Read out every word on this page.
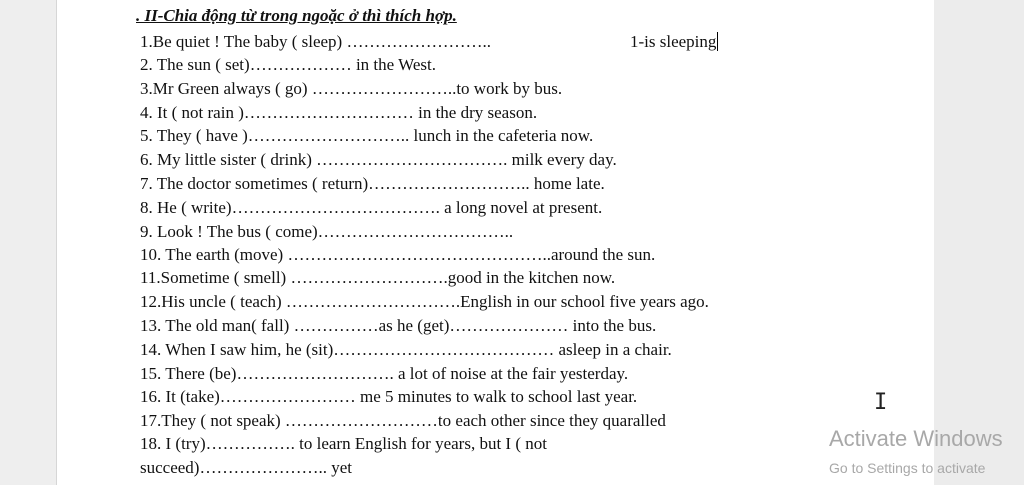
. II-Chia động từ trong ngoặc ở thì thích hợp.
1.Be quiet ! The baby ( sleep) ……………………..	1-is sleeping
2. The sun ( set)……………… in the West.
3.Mr Green always ( go) ……………………..to work by bus.
4. It ( not rain )………………………… in the dry season.
5. They ( have )……………………….. lunch in the cafeteria now.
6. My little sister ( drink) ……………………………. milk every day.
7. The doctor sometimes ( return)……………………….. home late.
8. He ( write)………………………………. a long novel at present.
9. Look ! The bus ( come)……………………………..
10. The earth (move) ………………………………………..around the sun.
11.Sometime ( smell) ……………………….good in the kitchen now.
12.His uncle ( teach) ………………………….English in our school five years ago.
13. The old man( fall) ……………as he (get)………………… into the bus.
14. When I saw him, he (sit)………………………………… asleep in a chair.
15. There (be)………………………. a lot of noise at the fair yesterday.
16. It (take)…………………… me 5 minutes to walk to school last year.
17.They ( not speak) ………………………to each other since they quaralled
18. I (try)……………. to learn English for years, but I ( not
succeed)………………….. yet
I
Activate Windows
Go to Settings to activate
